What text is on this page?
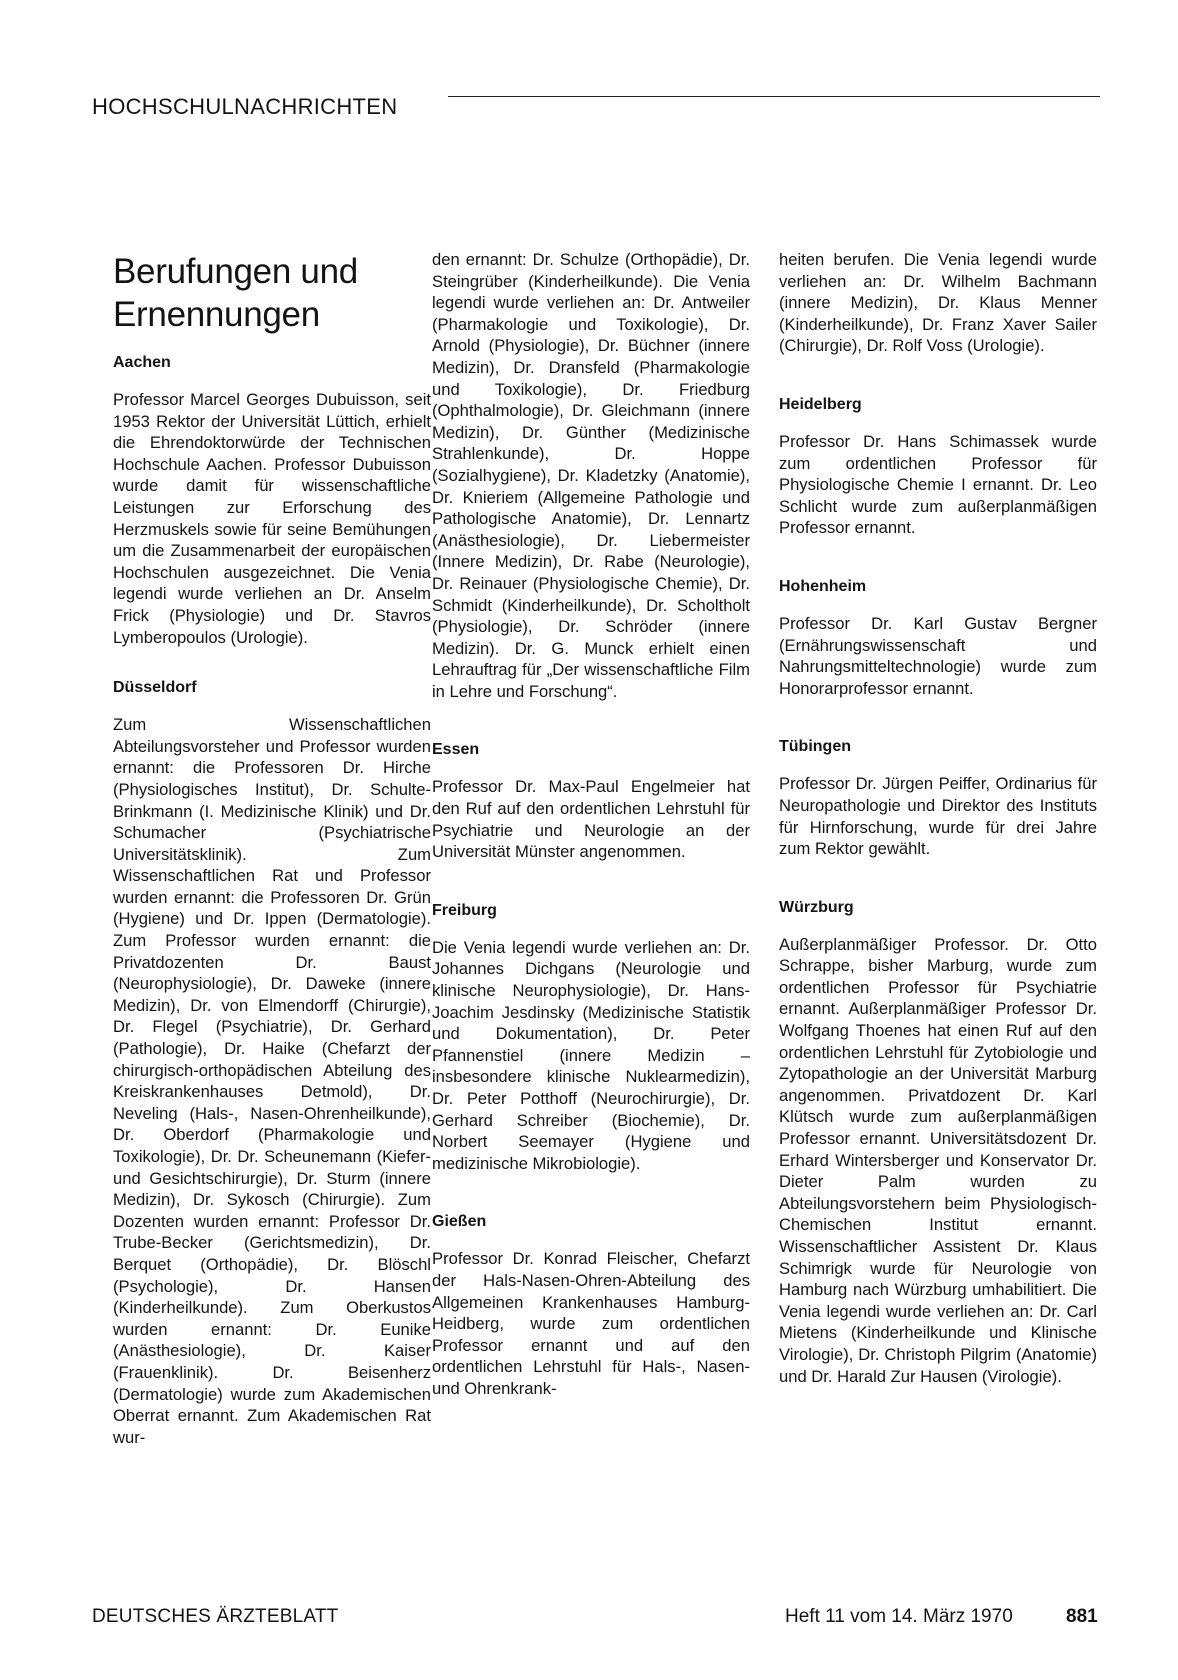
HOCHSCHULNACHRICHTEN
Berufungen und Ernennungen
Aachen

Professor Marcel Georges Dubuisson, seit 1953 Rektor der Universität Lüttich, erhielt die Ehrendoktorwürde der Technischen Hochschule Aachen. Professor Dubuisson wurde damit für wissenschaftliche Leistungen zur Erforschung des Herzmuskels sowie für seine Bemühungen um die Zusammenarbeit der europäischen Hochschulen ausgezeichnet. Die Venia legendi wurde verliehen an Dr. Anselm Frick (Physiologie) und Dr. Stavros Lymberopoulos (Urologie).

Düsseldorf

Zum Wissenschaftlichen Abteilungsvorsteher und Professor wurden ernannt: die Professoren Dr. Hirche (Physiologisches Institut), Dr. Schulte-Brinkmann (I. Medizinische Klinik) und Dr. Schumacher (Psychiatrische Universitätsklinik). Zum Wissenschaftlichen Rat und Professor wurden ernannt: die Professoren Dr. Grün (Hygiene) und Dr. Ippen (Dermatologie). Zum Professor wurden ernannt: die Privatdozenten Dr. Baust (Neurophysiologie), Dr. Daweke (innere Medizin), Dr. von Elmendorff (Chirurgie), Dr. Flegel (Psychiatrie), Dr. Gerhard (Pathologie), Dr. Haike (Chefarzt der chirurgisch-orthopädischen Abteilung des Kreiskrankenhauses Detmold), Dr. Neveling (Hals-, Nasen-Ohrenheilkunde), Dr. Oberdorf (Pharmakologie und Toxikologie), Dr. Dr. Scheunemann (Kiefer- und Gesichtschirurgie), Dr. Sturm (innere Medizin), Dr. Sykosch (Chirurgie). Zum Dozenten wurden ernannt: Professor Dr. Trube-Becker (Gerichtsmedizin), Dr. Berquet (Orthopädie), Dr. Blöschl (Psychologie), Dr. Hansen (Kinderheilkunde). Zum Oberkustos wurden ernannt: Dr. Eunike (Anästhesiologie), Dr. Kaiser (Frauenklinik). Dr. Beisenherz (Dermatologie) wurde zum Akademischen Oberrat ernannt. Zum Akademischen Rat wur-

den ernannt: Dr. Schulze (Orthopädie), Dr. Steingrüber (Kinderheilkunde). Die Venia legendi wurde verliehen an: Dr. Antweiler (Pharmakologie und Toxikologie), Dr. Arnold (Physiologie), Dr. Büchner (innere Medizin), Dr. Dransfeld (Pharmakologie und Toxikologie), Dr. Friedburg (Ophthalmologie), Dr. Gleichmann (innere Medizin), Dr. Günther (Medizinische Strahlenkunde), Dr. Hoppe (Sozialhygiene), Dr. Kladetzky (Anatomie), Dr. Knieriem (Allgemeine Pathologie und Pathologische Anatomie), Dr. Lennartz (Anästhesiologie), Dr. Liebermeister (Innere Medizin), Dr. Rabe (Neurologie), Dr. Reinauer (Physiologische Chemie), Dr. Schmidt (Kinderheilkunde), Dr. Scholtholt (Physiologie), Dr. Schröder (innere Medizin). Dr. G. Munck erhielt einen Lehrauftrag für „Der wissenschaftliche Film in Lehre und Forschung“.

Essen

Professor Dr. Max-Paul Engelmeier hat den Ruf auf den ordentlichen Lehrstuhl für Psychiatrie und Neurologie an der Universität Münster angenommen.

Freiburg

Die Venia legendi wurde verliehen an: Dr. Johannes Dichgans (Neurologie und klinische Neurophysiologie), Dr. Hans-Joachim Jesdinsky (Medizinische Statistik und Dokumentation), Dr. Peter Pfannenstiel (innere Medizin – insbesondere klinische Nuklearmedizin), Dr. Peter Potthoff (Neurochirurgie), Dr. Gerhard Schreiber (Biochemie), Dr. Norbert Seemayer (Hygiene und medizinische Mikrobiologie).

Gießen

Professor Dr. Konrad Fleischer, Chefarzt der Hals-Nasen-Ohren-Abteilung des Allgemeinen Krankenhauses Hamburg-Heidberg, wurde zum ordentlichen Professor ernannt und auf den ordentlichen Lehrstuhl für Hals-, Nasen- und Ohrenkrank-

heiten berufen. Die Venia legendi wurde verliehen an: Dr. Wilhelm Bachmann (innere Medizin), Dr. Klaus Menner (Kinderheilkunde), Dr. Franz Xaver Sailer (Chirurgie), Dr. Rolf Voss (Urologie).

Heidelberg

Professor Dr. Hans Schimassek wurde zum ordentlichen Professor für Physiologische Chemie I ernannt. Dr. Leo Schlicht wurde zum außerplanmäßigen Professor ernannt.

Hohenheim

Professor Dr. Karl Gustav Bergner (Ernährungswissenschaft und Nahrungsmitteltechnologie) wurde zum Honorarprofessor ernannt.

Tübingen

Professor Dr. Jürgen Peiffer, Ordinarius für Neuropathologie und Direktor des Instituts für Hirnforschung, wurde für drei Jahre zum Rektor gewählt.

Würzburg

Außerplanmäßiger Professor. Dr. Otto Schrappe, bisher Marburg, wurde zum ordentlichen Professor für Psychiatrie ernannt. Außerplanmäßiger Professor Dr. Wolfgang Thoenes hat einen Ruf auf den ordentlichen Lehrstuhl für Zytobiologie und Zytopathologie an der Universität Marburg angenommen. Privatdozent Dr. Karl Klütsch wurde zum außerplanmäßigen Professor ernannt. Universitätsdozent Dr. Erhard Wintersberger und Konservator Dr. Dieter Palm wurden zu Abteilungsvorstehern beim Physiologisch-Chemischen Institut ernannt. Wissenschaftlicher Assistent Dr. Klaus Schimrigk wurde für Neurologie von Hamburg nach Würzburg umhabilitiert. Die Venia legendi wurde verliehen an: Dr. Carl Mietens (Kinderheilkunde und Klinische Virologie), Dr. Christoph Pilgrim (Anatomie) und Dr. Harald Zur Hausen (Virologie).

DEUTSCHES ÄRZTEBLATT	Heft 11 vom 14. März 1970	881
